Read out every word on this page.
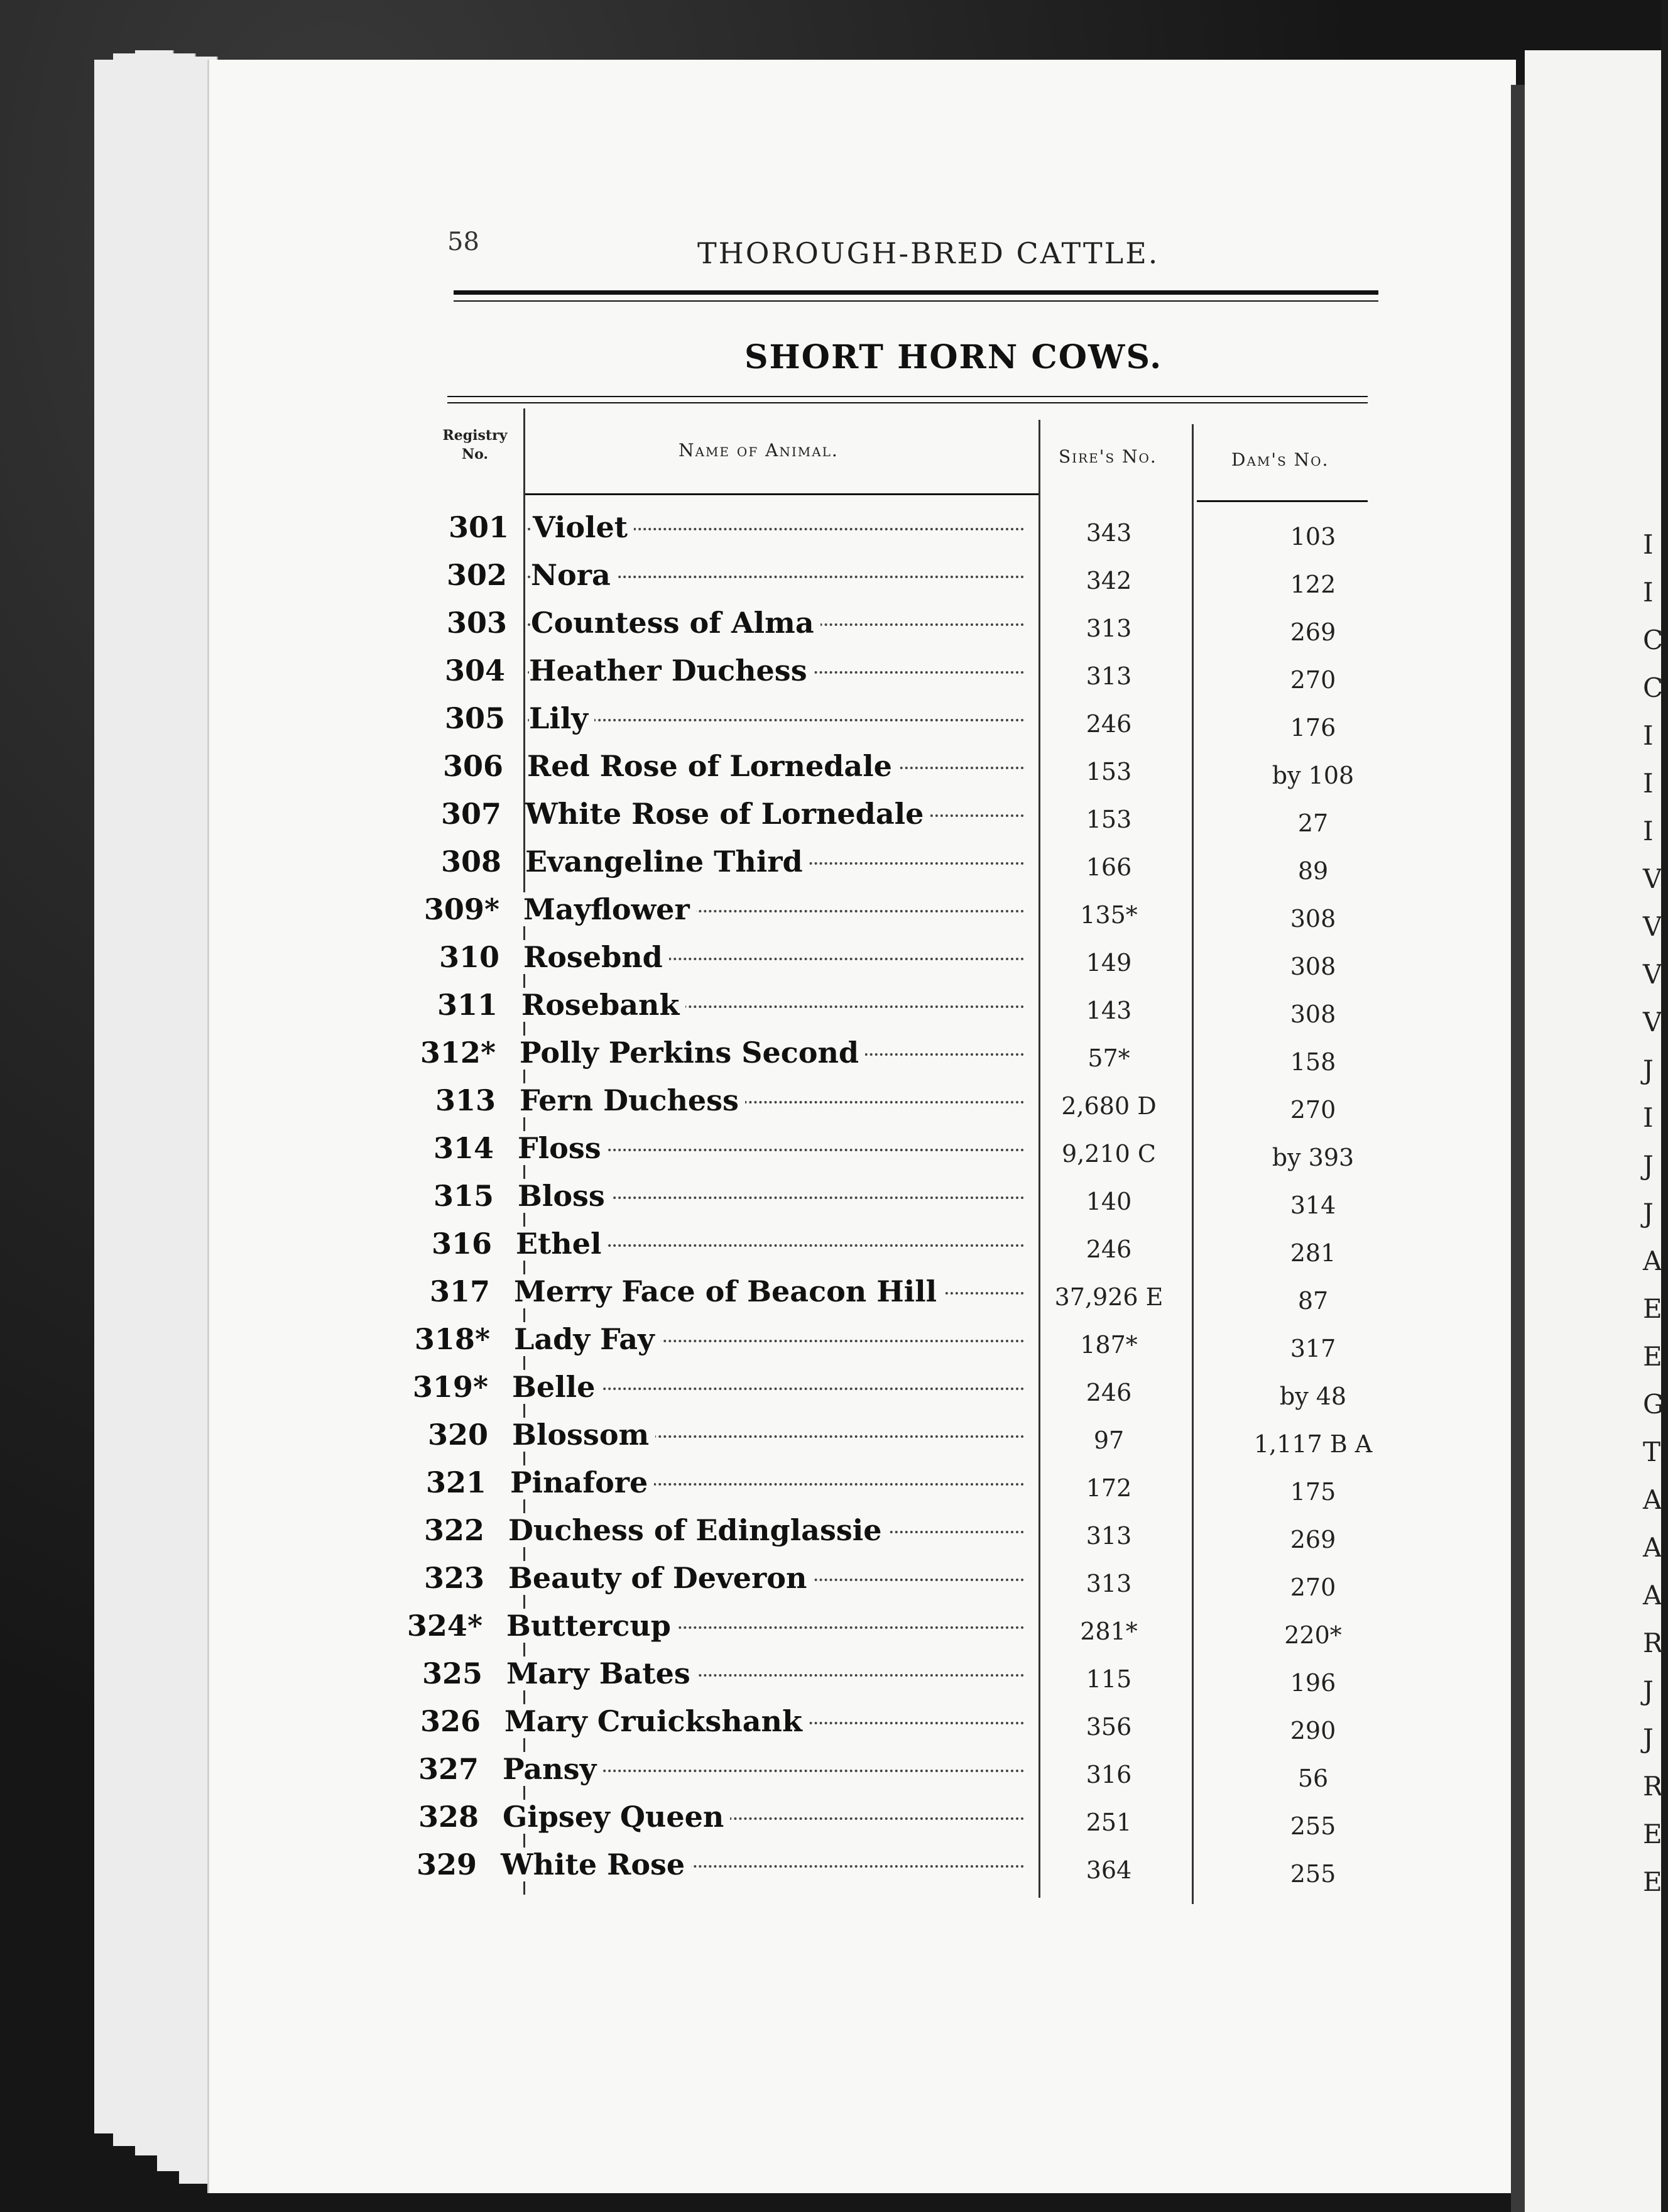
I
I
C
C
I
I
I
V
V
V
V
J
I
J
J
A
E
E
G
T
A
A
A
R
J
J
R
E
E
58	THOROUGH-BRED CATTLE.
SHORT HORN COWS.
Registry No.	Name of Animal.	Sire's No.	Dam's No.
301 Violet	343	103
302 Nora	342	122
303 Countess of Alma	313	269
304 Heather Duchess	313	270
305 Lily	246	176
306 Red Rose of Lornedale	153	by 108
307 White Rose of Lornedale	153	27
308 Evangeline Third	166	89
309* Mayflower	135*	308
310 Rosebnd	149	308
311 Rosebank	143	308
312* Polly Perkins Second	57*	158
313 Fern Duchess	2,680 D	270
314 Floss	9,210 C	by 393
315 Bloss	140	314
316 Ethel	246	281
317 Merry Face of Beacon Hill	37,926 E	87
318* Lady Fay	187*	317
319* Belle	246	by 48
320 Blossom	97	1,117 B A
321 Pinafore	172	175
322 Duchess of Edinglassie	313	269
323 Beauty of Deveron	313	270
324* Buttercup	281*	220*
325 Mary Bates	115	196
326 Mary Cruickshank	356	290
327 Pansy	316	56
328 Gipsey Queen	251	255
329 White Rose	364	255
